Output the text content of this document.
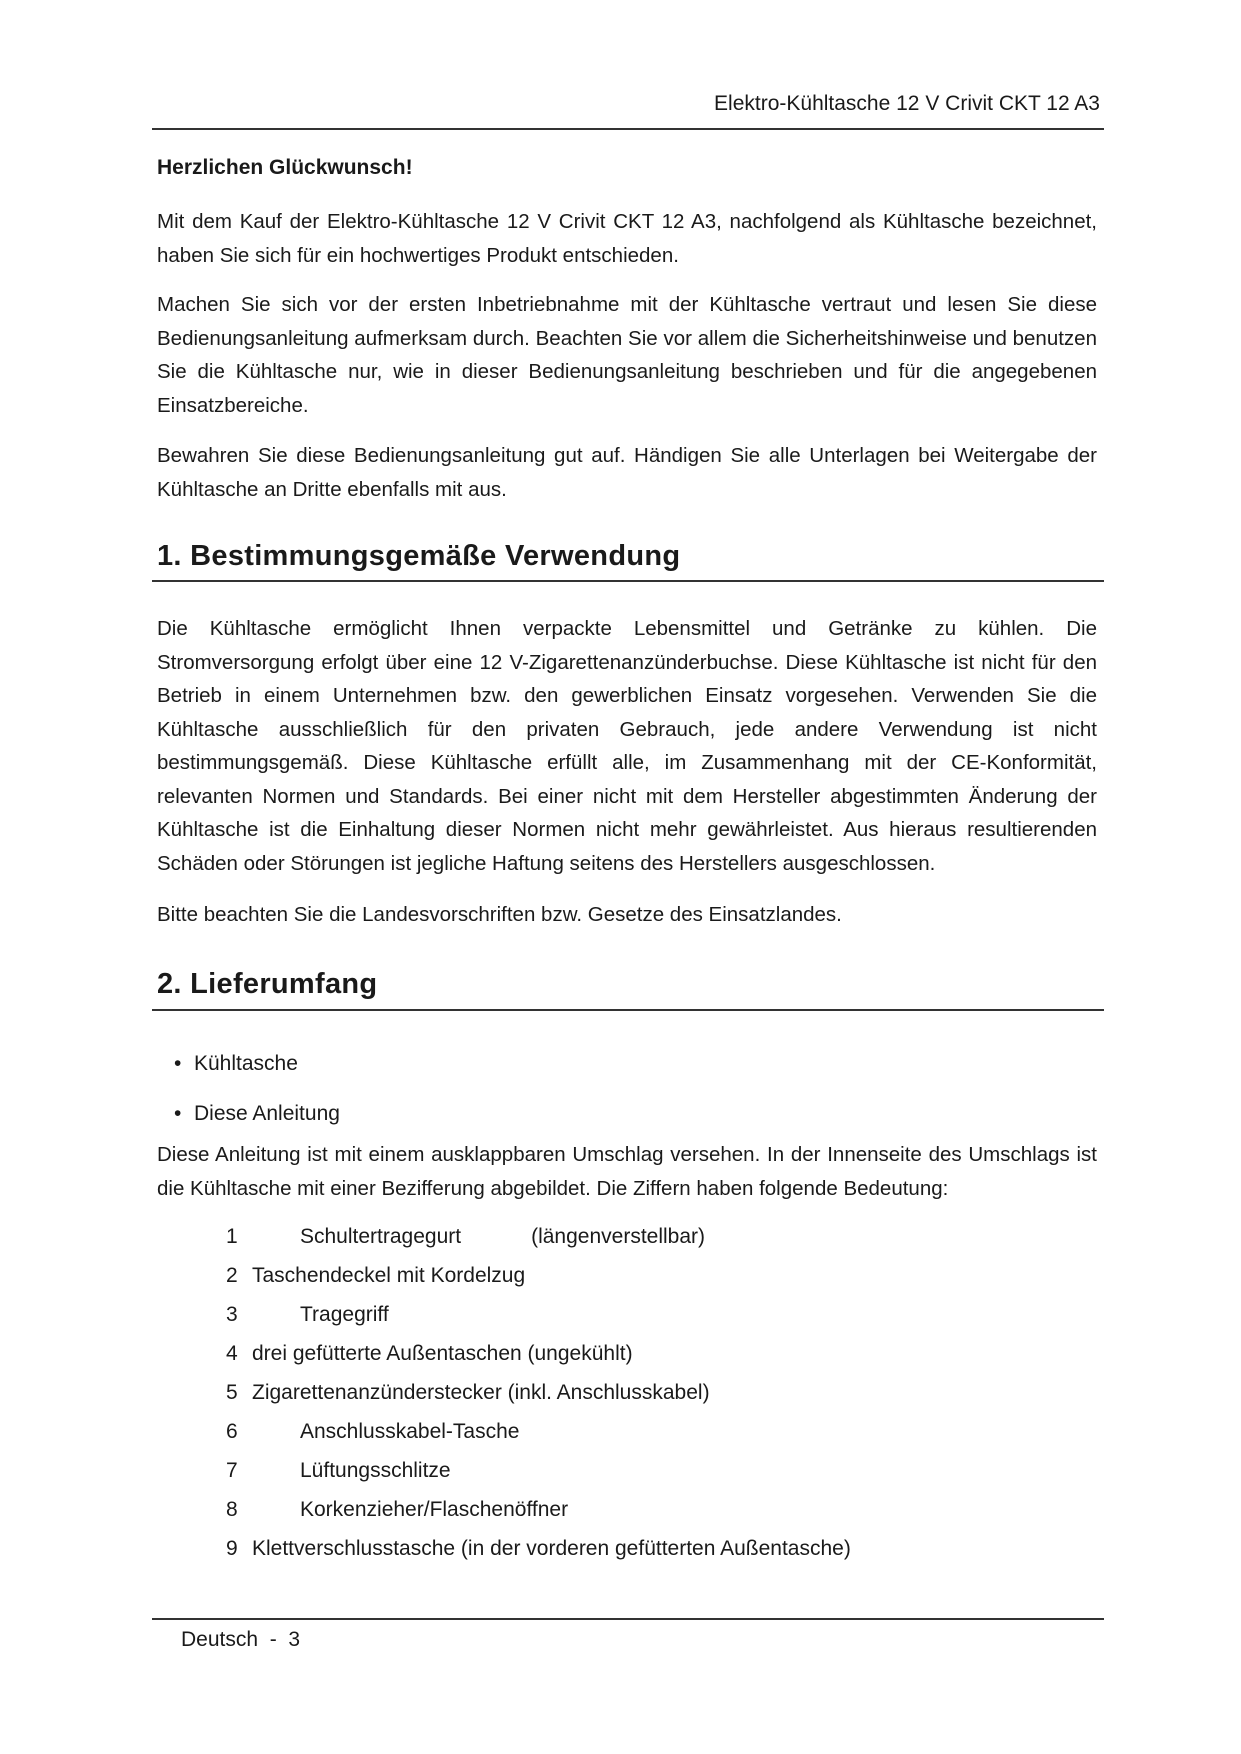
Elektro-Kühltasche 12 V Crivit CKT 12 A3
Herzlichen Glückwunsch!
Mit dem Kauf der Elektro-Kühltasche 12 V Crivit CKT 12 A3, nachfolgend als Kühltasche bezeichnet, haben Sie sich für ein hochwertiges Produkt entschieden.
Machen Sie sich vor der ersten Inbetriebnahme mit der Kühltasche vertraut und lesen Sie diese Bedienungsanleitung aufmerksam durch. Beachten Sie vor allem die Sicherheitshinweise und benutzen Sie die Kühltasche nur, wie in dieser Bedienungsanleitung beschrieben und für die angegebenen Einsatzbereiche.
Bewahren Sie diese Bedienungsanleitung gut auf. Händigen Sie alle Unterlagen bei Weitergabe der Kühltasche an Dritte ebenfalls mit aus.
1. Bestimmungsgemäße Verwendung
Die Kühltasche ermöglicht Ihnen verpackte Lebensmittel und Getränke zu kühlen. Die Stromversorgung erfolgt über eine 12 V-Zigarettenanzünderbuchse. Diese Kühltasche ist nicht für den Betrieb in einem Unternehmen bzw. den gewerblichen Einsatz vorgesehen. Verwenden Sie die Kühltasche ausschließlich für den privaten Gebrauch, jede andere Verwendung ist nicht bestimmungsgemäß. Diese Kühltasche erfüllt alle, im Zusammenhang mit der CE-Konformität, relevanten Normen und Standards. Bei einer nicht mit dem Hersteller abgestimmten Änderung der Kühltasche ist die Einhaltung dieser Normen nicht mehr gewährleistet. Aus hieraus resultierenden Schäden oder Störungen ist jegliche Haftung seitens des Herstellers ausgeschlossen.
Bitte beachten Sie die Landesvorschriften bzw. Gesetze des Einsatzlandes.
2. Lieferumfang
• Kühltasche
• Diese Anleitung
Diese Anleitung ist mit einem ausklappbaren Umschlag versehen. In der Innenseite des Umschlags ist die Kühltasche mit einer Bezifferung abgebildet. Die Ziffern haben folgende Bedeutung:
1	Schultertragegurt	(längenverstellbar)
2 Taschendeckel mit Kordelzug
3	Tragegriff
4 drei gefütterte Außentaschen (ungekühlt)
5 Zigarettenanzünderstecker (inkl. Anschlusskabel)
6	Anschlusskabel-Tasche
7	Lüftungsschlitze
8	Korkenzieher/Flaschenöffner
9 Klettverschlusstasche (in der vorderen gefütterten Außentasche)
Deutsch  -  3
